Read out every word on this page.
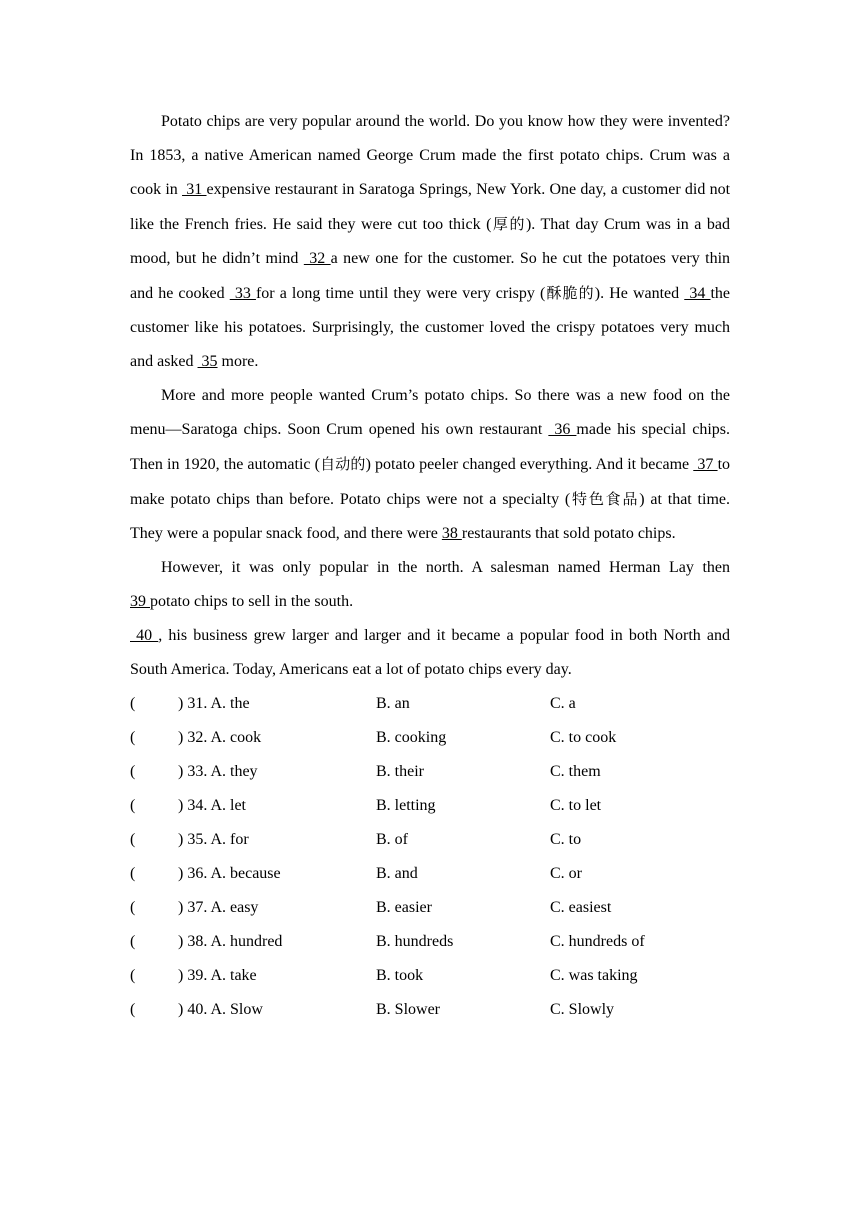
Potato chips are very popular around the world. Do you know how they were invented? In 1853, a native American named George Crum made the first potato chips. Crum was a cook in  31 expensive restaurant in Saratoga Springs, New York. One day, a customer did not like the French fries. He said they were cut too thick (厚的). That day Crum was in a bad mood, but he didn’t mind  32 a new one for the customer. So he cut the potatoes very thin and he cooked  33 for a long time until they were very crispy (酥脆的). He wanted  34 the customer like his potatoes. Surprisingly, the customer loved the crispy potatoes very much and asked  35 more.

More and more people wanted Crum’s potato chips. So there was a new food on the menu—Saratoga chips. Soon Crum opened his own restaurant  36 made his special chips. Then in 1920, the automatic (自动的) potato peeler changed everything. And it became  37 to make potato chips than before. Potato chips were not a specialty (特色食品) at that time. They were a popular snack food, and there were 38 restaurants that sold potato chips.

However, it was only popular in the north. A salesman named Herman Lay then 39 potato chips to sell in the south.

40 , his business grew larger and larger and it became a popular food in both North and South America. Today, Americans eat a lot of potato chips every day.

(	) 31. A. the	B. an	C. a
(	) 32. A. cook	B. cooking	C. to cook
(	) 33. A. they	B. their	C. them
(	) 34. A. let	B. letting	C. to let
(	) 35. A. for	B. of	C. to
(	) 36. A. because	B. and	C. or
(	) 37. A. easy	B. easier	C. easiest
(	) 38. A. hundred	B. hundreds	C. hundreds of
(	) 39. A. take	B. took	C. was taking
(	) 40. A. Slow	B. Slower	C. Slowly
